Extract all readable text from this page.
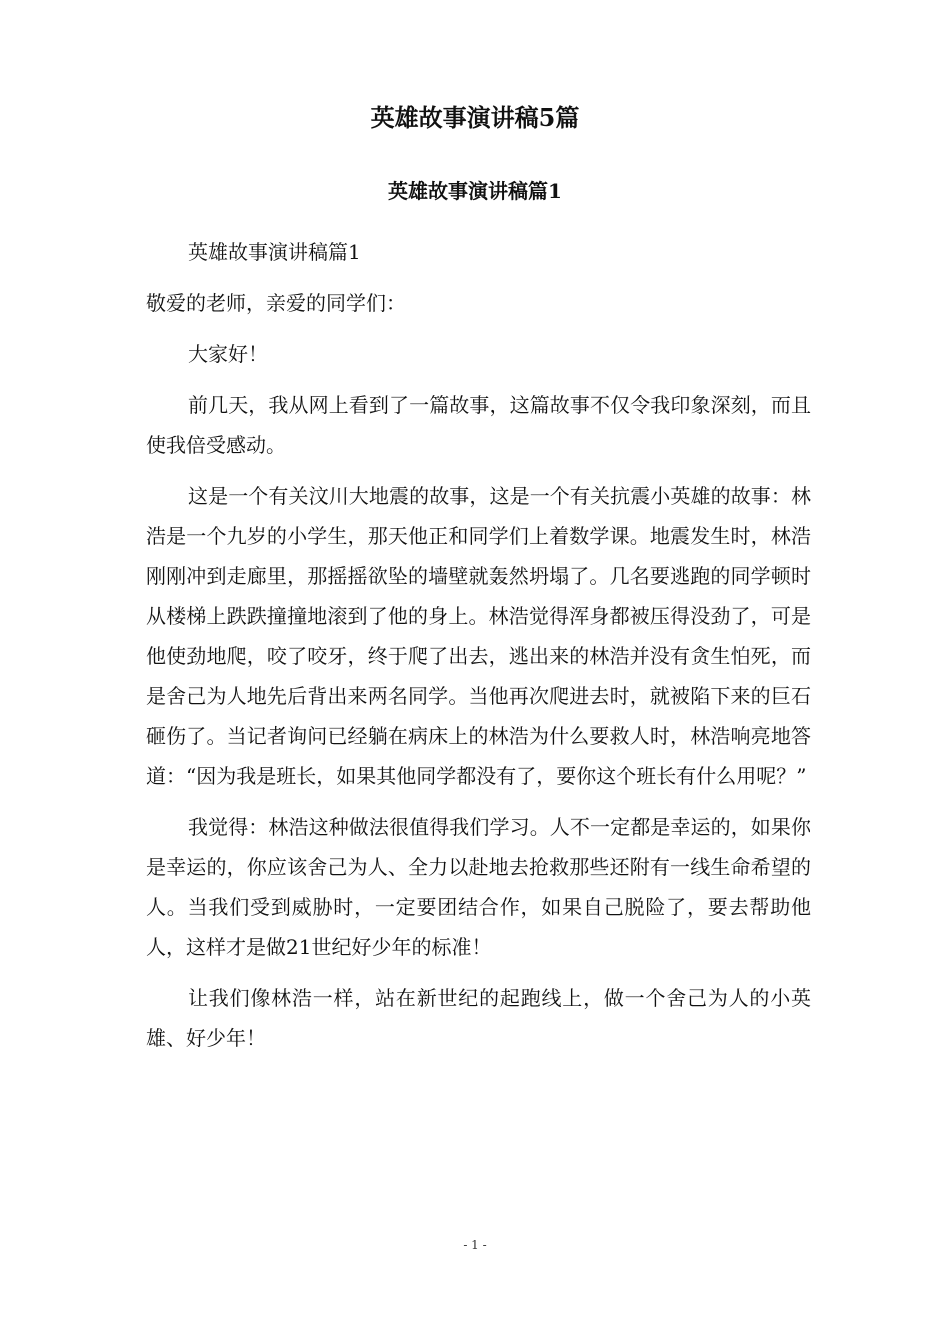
英雄故事演讲稿5篇
英雄故事演讲稿篇1

英雄故事演讲稿篇1

敬爱的老师，亲爱的同学们：

大家好！

前几天，我从网上看到了一篇故事，这篇故事不仅令我印象深刻，而且使我倍受感动。

这是一个有关汶川大地震的故事，这是一个有关抗震小英雄的故事：林浩是一个九岁的小学生，那天他正和同学们上着数学课。地震发生时，林浩刚刚冲到走廊里，那摇摇欲坠的墙壁就轰然坍塌了。几名要逃跑的同学顿时从楼梯上跌跌撞撞地滚到了他的身上。林浩觉得浑身都被压得没劲了，可是他使劲地爬，咬了咬牙，终于爬了出去，逃出来的林浩并没有贪生怕死，而是舍己为人地先后背出来两名同学。当他再次爬进去时，就被陷下来的巨石砸伤了。当记者询问已经躺在病床上的林浩为什么要救人时，林浩响亮地答道：“因为我是班长，如果其他同学都没有了，要你这个班长有什么用呢？”

我觉得：林浩这种做法很值得我们学习。人不一定都是幸运的，如果你是幸运的，你应该舍己为人、全力以赴地去抢救那些还附有一线生命希望的人。当我们受到威胁时，一定要团结合作，如果自己脱险了，要去帮助他人，这样才是做21世纪好少年的标准！

让我们像林浩一样，站在新世纪的起跑线上，做一个舍己为人的小英雄、好少年！

- 1 -
